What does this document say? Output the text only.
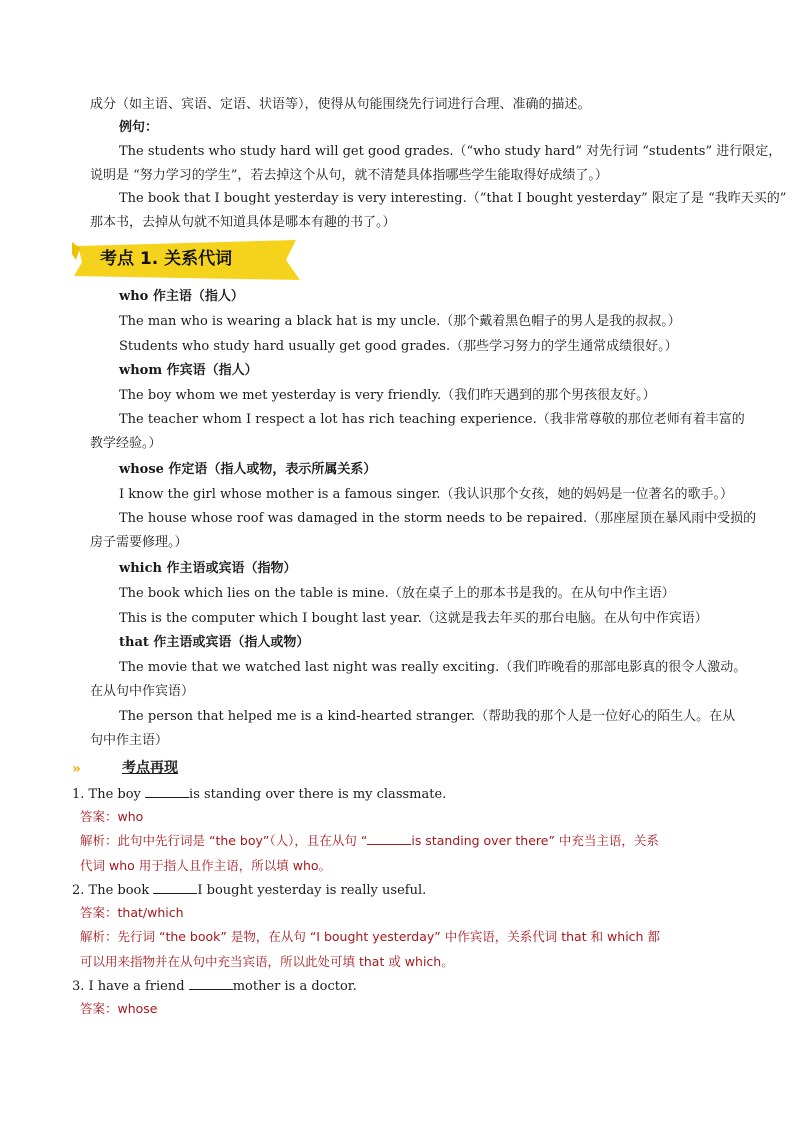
成分（如主语、宾语、定语、状语等），使得从句能围绕先行词进行合理、准确的描述。
例句：
The students who study hard will get good grades.（“who study hard” 对先行词 “students” 进行限定，
说明是 “努力学习的学生”，若去掉这个从句，就不清楚具体指哪些学生能取得好成绩了。）
The book that I bought yesterday is very interesting.（“that I bought yesterday” 限定了是 “我昨天买的”
那本书，去掉从句就不知道具体是哪本有趣的书了。）
考点 1. 关系代词
who 作主语（指人）
The man who is wearing a black hat is my uncle.（那个戴着黑色帽子的男人是我的叔叔。）
Students who study hard usually get good grades.（那些学习努力的学生通常成绩很好。）
whom 作宾语（指人）
The boy whom we met yesterday is very friendly.（我们昨天遇到的那个男孩很友好。）
The teacher whom I respect a lot has rich teaching experience.（我非常尊敬的那位老师有着丰富的
教学经验。）
whose 作定语（指人或物，表示所属关系）
I know the girl whose mother is a famous singer.（我认识那个女孩，她的妈妈是一位著名的歌手。）
The house whose roof was damaged in the storm needs to be repaired.（那座屋顶在暴风雨中受损的
房子需要修理。）
which 作主语或宾语（指物）
The book which lies on the table is mine.（放在桌子上的那本书是我的。在从句中作主语）
This is the computer which I bought last year.（这就是我去年买的那台电脑。在从句中作宾语）
that 作主语或宾语（指人或物）
The movie that we watched last night was really exciting.（我们昨晚看的那部电影真的很令人激动。
在从句中作宾语）
The person that helped me is a kind-hearted stranger.（帮助我的那个人是一位好心的陌生人。在从
句中作主语）
»	考点再现
1. The boy	is standing over there is my classmate.
答案：who
解析：此句中先行词是 “the boy”（人），且在从句 “	is standing over there” 中充当主语，关系
代词 who 用于指人且作主语，所以填 who。
2. The book	I bought yesterday is really useful.
答案：that/which
解析：先行词 “the book” 是物，在从句 “I bought yesterday” 中作宾语，关系代词 that 和 which 都
可以用来指物并在从句中充当宾语，所以此处可填 that 或 which。
3. I have a friend	mother is a doctor.
答案：whose
